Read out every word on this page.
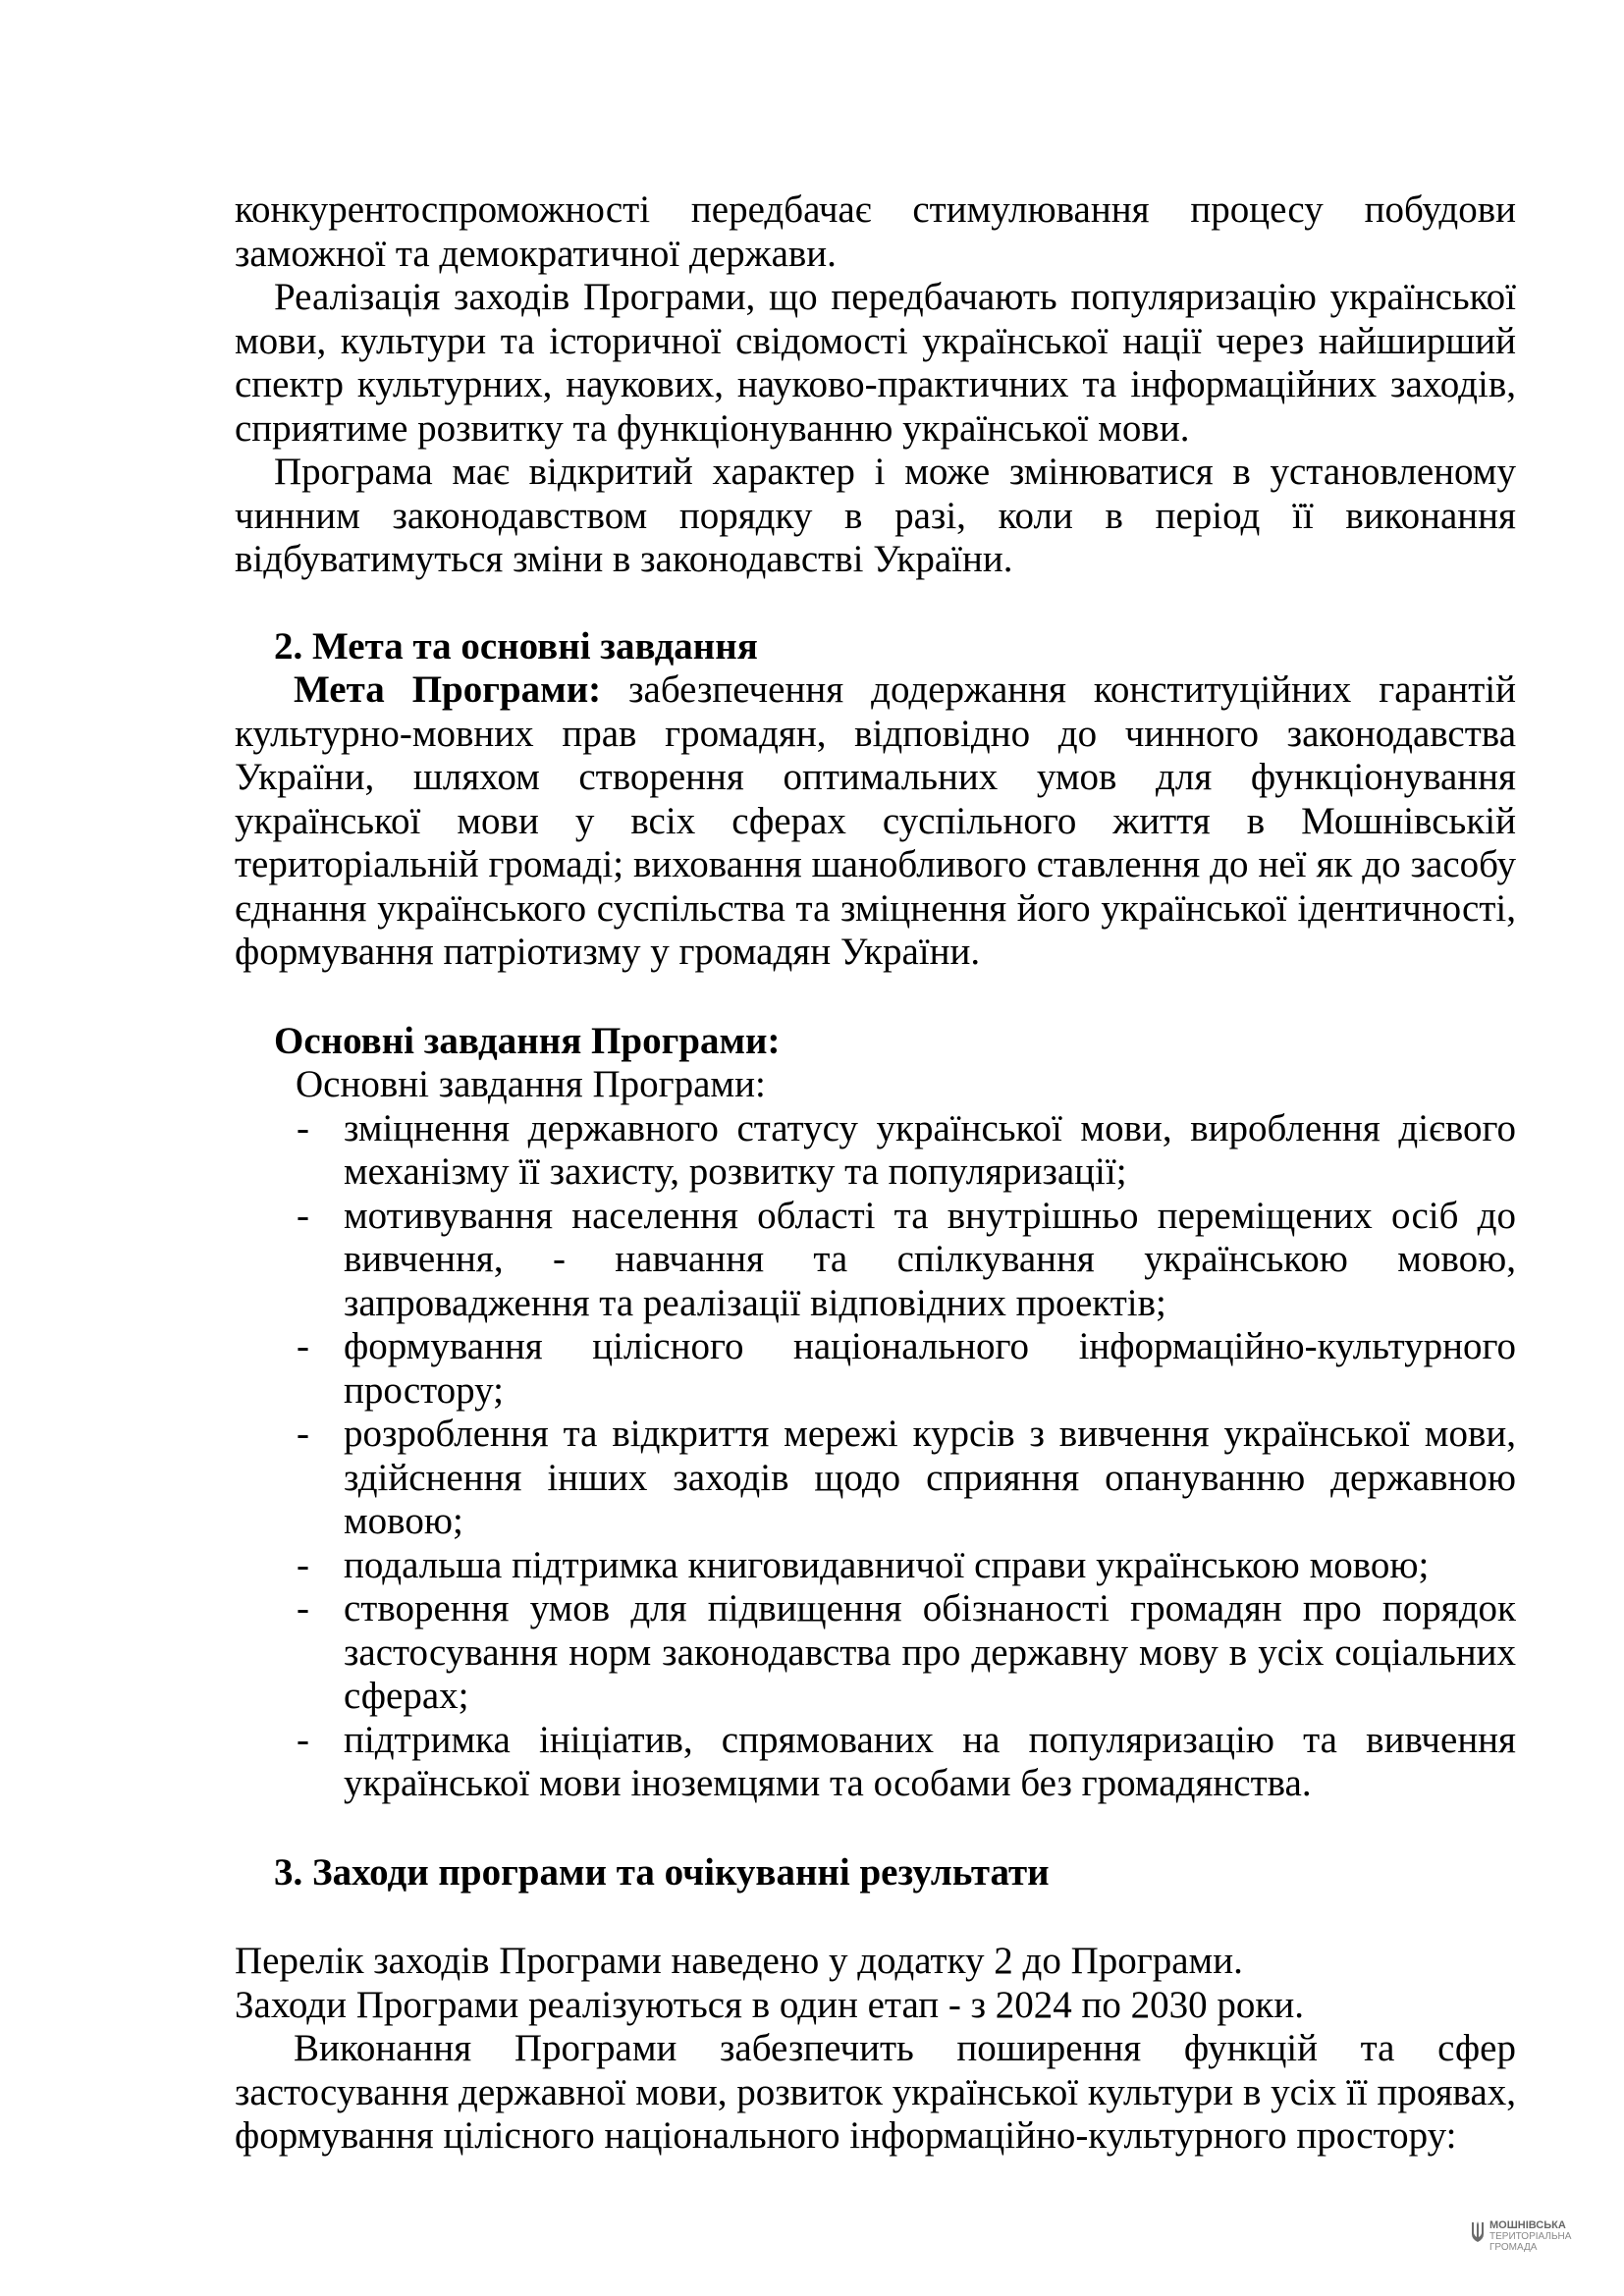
конкурентоспроможності передбачає стимулювання процесу побудови заможної та демократичної держави.

Реалізація заходів Програми, що передбачають популяризацію української мови, культури та історичної свідомості української нації через найширший спектр культурних, наукових, науково-практичних та інформаційних заходів, сприятиме розвитку та функціонуванню української мови.

Програма має відкритий характер і може змінюватися в установленому чинним законодавством порядку в разі, коли в період її виконання відбуватимуться зміни в законодавстві України.

2. Мета та основні завдання

Мета Програми: забезпечення додержання конституційних гарантій культурно-мовних прав громадян, відповідно до чинного законодавства України, шляхом створення оптимальних умов для функціонування української мови у всіх сферах суспільного життя в Мошнівській територіальній громаді; виховання шанобливого ставлення до неї як до засобу єднання українського суспільства та зміцнення його української ідентичності, формування патріотизму у громадян України.

Основні завдання Програми:

Основні завдання Програми:

- зміцнення державного статусу української мови, вироблення дієвого механізму її захисту, розвитку та популяризації;
- мотивування населення області та внутрішньо переміщених осіб до вивчення, - навчання та спілкування українською мовою, запровадження та реалізації відповідних проектів;
- формування цілісного національного інформаційно-культурного простору;
- розроблення та відкриття мережі курсів з вивчення української мови, здійснення інших заходів щодо сприяння опануванню державною мовою;
- подальша підтримка книговидавничої справи українською мовою;
- створення умов для підвищення обізнаності громадян про порядок застосування норм законодавства про державну мову в усіх соціальних сферах;
- підтримка ініціатив, спрямованих на популяризацію та вивчення української мови іноземцями та особами без громадянства.

3. Заходи програми та очікуванні результати

Перелік заходів Програми наведено у додатку 2 до Програми.

Заходи Програми реалізуються в один етап - з 2024 по 2030 роки.

Виконання Програми забезпечить поширення функцій та сфер застосування державної мови, розвиток української культури в усіх її проявах, формування цілісного національного інформаційно-культурного простору:

МОШНІВСЬКА
ТЕРИТОРІАЛЬНА
ГРОМАДА
